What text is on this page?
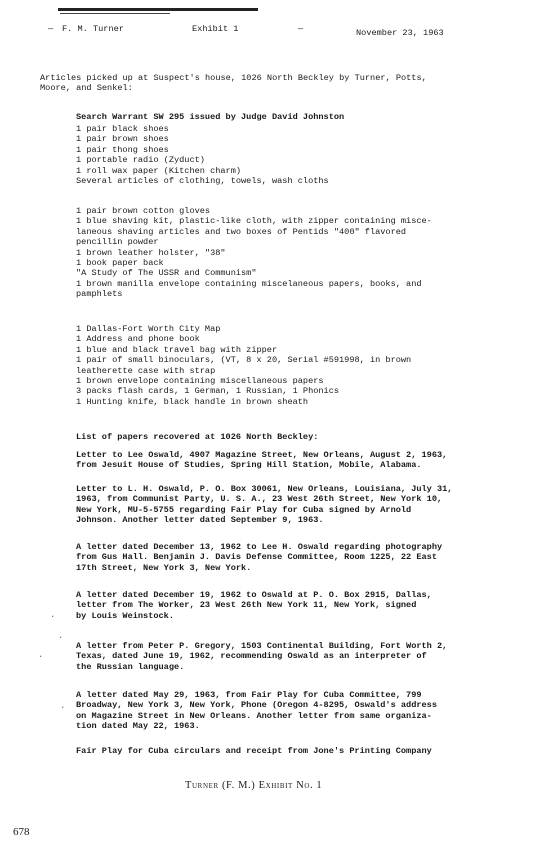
— F. M. Turner	Exhibit 1	—	November 23, 1963
Articles picked up at Suspect's house, 1026 North Beckley by Turner, Potts,
Moore, and Senkel:
Search Warrant SW 295 issued by Judge David Johnston
1 pair black shoes
1 pair brown shoes
1 pair thong shoes
1 portable radio (Zyduct)
1 roll wax paper (Kitchen charm)
Several articles of clothing, towels, wash cloths
1 pair brown cotton gloves
1 blue shaving kit, plastic-like cloth, with zipper containing misce-
laneous shaving articles and two boxes of Pentids "400" flavored
pencillin powder
1 brown leather holster, "38"
1 book paper back
"A Study of The USSR and Communism"
1 brown manilla envelope containing miscelaneous papers, books, and
pamphlets
1 Dallas-Fort Worth City Map
1 Address and phone book
1 blue and black travel bag with zipper
1 pair of small binoculars, (VT, 8 x 20, Serial #591998, in brown
leatherette case with strap
1 brown envelope containing miscellaneous papers
3 packs flash cards, 1 German, 1 Russian, 1 Phonics
1 Hunting knife, black handle in brown sheath
List of papers recovered at 1026 North Beckley:
Letter to Lee Oswald, 4907 Magazine Street, New Orleans, August 2, 1963,
from Jesuit House of Studies, Spring Hill Station, Mobile, Alabama.
Letter to L. H. Oswald, P. O. Box 30061, New Orleans, Louisiana, July 31,
1963, from Communist Party, U. S. A., 23 West 26th Street, New York 10,
New York, MU-5-5755 regarding Fair Play for Cuba signed by Arnold
Johnson. Another letter dated September 9, 1963.
A letter dated December 13, 1962 to Lee H. Oswald regarding photography
from Gus Hall. Benjamin J. Davis Defense Committee, Room 1225, 22 East
17th Street, New York 3, New York.
A letter dated December 19, 1962 to Oswald at P. O. Box 2915, Dallas,
letter from The Worker, 23 West 26th New York 11, New York, signed
by Louis Weinstock.
A letter from Peter P. Gregory, 1503 Continental Building, Fort Worth 2,
Texas, dated June 19, 1962, recommending Oswald as an interpreter of
the Russian language.
A letter dated May 29, 1963, from Fair Play for Cuba Committee, 799
Broadway, New York 3, New York, Phone (Oregon 4-8295, Oswald's address
on Magazine Street in New Orleans. Another letter from same organiza-
tion dated May 22, 1963.
Fair Play for Cuba circulars and receipt from Jone's Printing Company
Turner (F. M.) Exhibit No. 1
678
·
·
·
·
